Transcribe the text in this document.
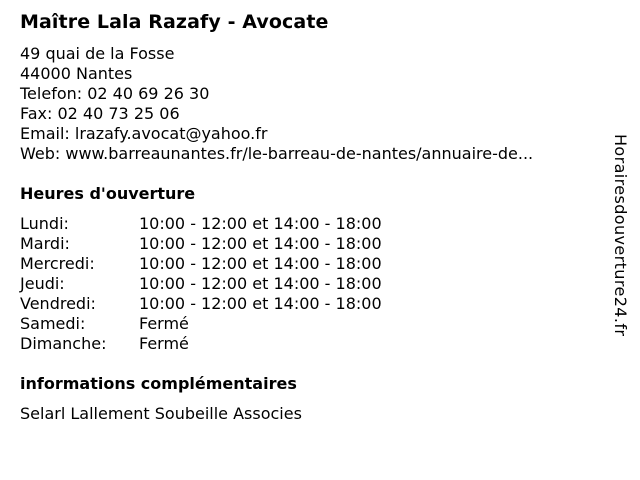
Maître Lala Razafy - Avocate
49 quai de la Fosse
44000 Nantes
Telefon: 02 40 69 26 30
Fax: 02 40 73 25 06
Email: lrazafy.avocat@yahoo.fr
Web: www.barreaunantes.fr/le-barreau-de-nantes/annuaire-de...
Heures d'ouverture
Lundi:	10:00 - 12:00 et 14:00 - 18:00
Mardi:	10:00 - 12:00 et 14:00 - 18:00
Mercredi:	10:00 - 12:00 et 14:00 - 18:00
Jeudi:	10:00 - 12:00 et 14:00 - 18:00
Vendredi:	10:00 - 12:00 et 14:00 - 18:00
Samedi:	Fermé
Dimanche:	Fermé
informations complémentaires
Selarl Lallement Soubeille Associes
Horairesdouverture24.fr
